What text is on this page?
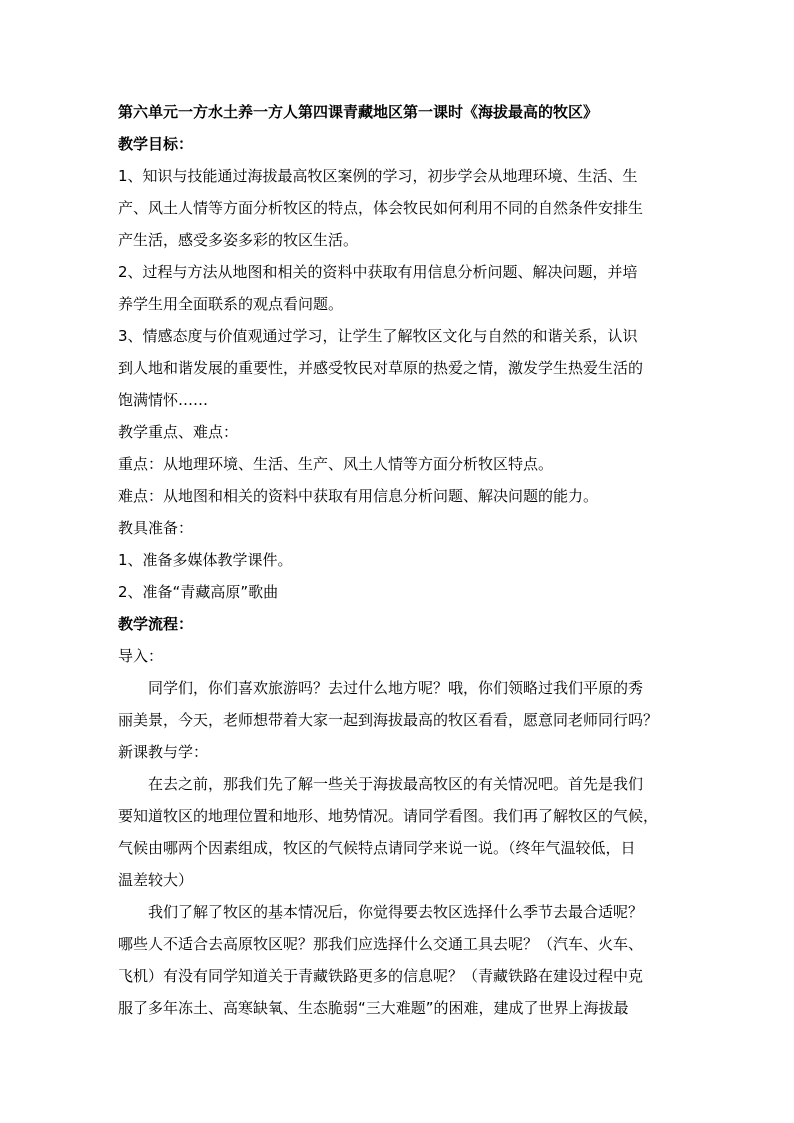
第六单元一方水土养一方人第四课青藏地区第一课时《海拔最高的牧区》
教学目标：
1、知识与技能通过海拔最高牧区案例的学习，初步学会从地理环境、生活、生
产、风土人情等方面分析牧区的特点，体会牧民如何利用不同的自然条件安排生
产生活，感受多姿多彩的牧区生活。
2、过程与方法从地图和相关的资料中获取有用信息分析问题、解决问题，并培
养学生用全面联系的观点看问题。
3、情感态度与价值观通过学习，让学生了解牧区文化与自然的和谐关系，认识
到人地和谐发展的重要性，并感受牧民对草原的热爱之情，激发学生热爱生活的
饱满情怀……
教学重点、难点：
重点：从地理环境、生活、生产、风土人情等方面分析牧区特点。
难点：从地图和相关的资料中获取有用信息分析问题、解决问题的能力。
教具准备：
1、准备多媒体教学课件。
2、准备“青藏高原”歌曲
教学流程：
导入：
同学们，你们喜欢旅游吗？去过什么地方呢？哦，你们领略过我们平原的秀
丽美景，今天，老师想带着大家一起到海拔最高的牧区看看，愿意同老师同行吗？
新课教与学：
在去之前，那我们先了解一些关于海拔最高牧区的有关情况吧。首先是我们
要知道牧区的地理位置和地形、地势情况。请同学看图。我们再了解牧区的气候，
气候由哪两个因素组成，牧区的气候特点请同学来说一说。（终年气温较低，日
温差较大）
我们了解了牧区的基本情况后，你觉得要去牧区选择什么季节去最合适呢？
哪些人不适合去高原牧区呢？那我们应选择什么交通工具去呢？（汽车、火车、
飞机）有没有同学知道关于青藏铁路更多的信息呢？（青藏铁路在建设过程中克
服了多年冻土、高寒缺氧、生态脆弱“三大难题”的困难，建成了世界上海拔最
